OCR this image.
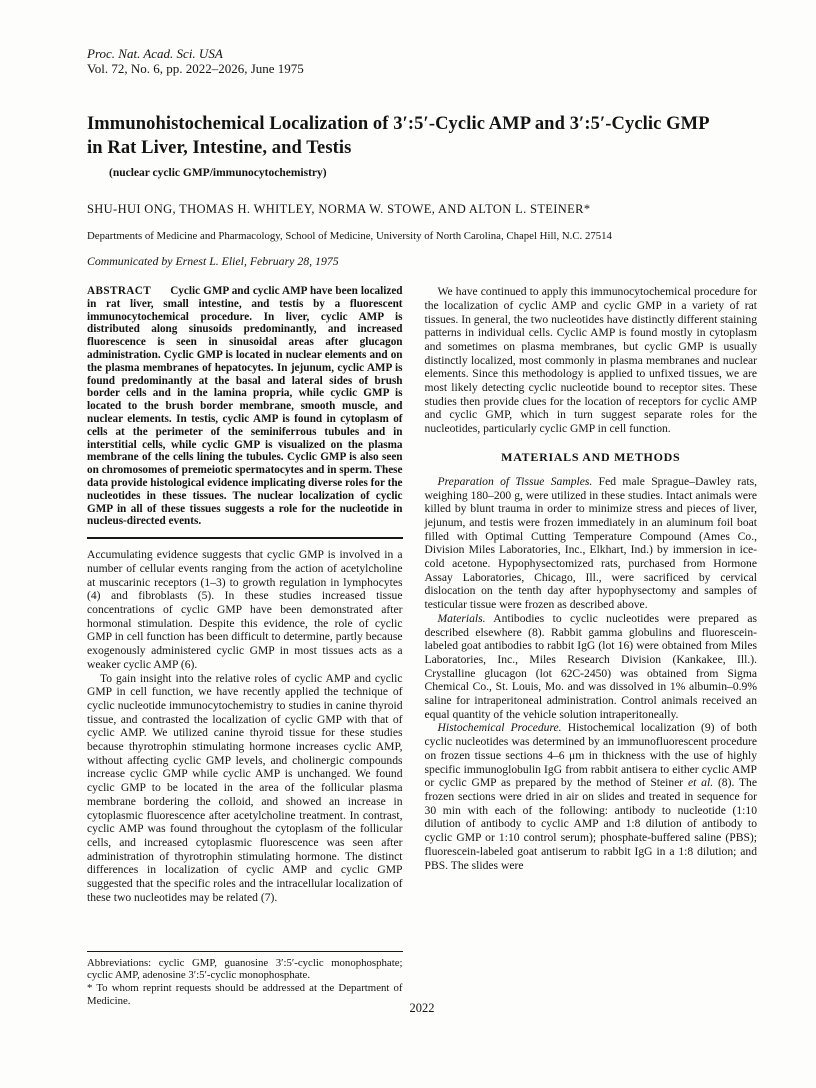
Proc. Nat. Acad. Sci. USA
Vol. 72, No. 6, pp. 2022–2026, June 1975
Immunohistochemical Localization of 3′:5′-Cyclic AMP and 3′:5′-Cyclic GMP
in Rat Liver, Intestine, and Testis
(nuclear cyclic GMP/immunocytochemistry)
SHU-HUI ONG, THOMAS H. WHITLEY, NORMA W. STOWE, AND ALTON L. STEINER*
Departments of Medicine and Pharmacology, School of Medicine, University of North Carolina, Chapel Hill, N.C. 27514
Communicated by Ernest L. Eliel, February 28, 1975

ABSTRACT Cyclic GMP and cyclic AMP have been localized in rat liver, small intestine, and testis by a fluorescent immunocytochemical procedure. In liver, cyclic AMP is distributed along sinusoids predominantly, and increased fluorescence is seen in sinusoidal areas after glucagon administration. Cyclic GMP is located in nuclear elements and on the plasma membranes of hepatocytes. In jejunum, cyclic AMP is found predominantly at the basal and lateral sides of brush border cells and in the lamina propria, while cyclic GMP is located to the brush border membrane, smooth muscle, and nuclear elements. In testis, cyclic AMP is found in cytoplasm of cells at the perimeter of the seminiferrous tubules and in interstitial cells, while cyclic GMP is visualized on the plasma membrane of the cells lining the tubules. Cyclic GMP is also seen on chromosomes of premeiotic spermatocytes and in sperm. These data provide histological evidence implicating diverse roles for the nucleotides in these tissues. The nuclear localization of cyclic GMP in all of these tissues suggests a role for the nucleotide in nucleus-directed events.

Accumulating evidence suggests that cyclic GMP is involved in a number of cellular events ranging from the action of acetylcholine at muscarinic receptors (1–3) to growth regulation in lymphocytes (4) and fibroblasts (5). In these studies increased tissue concentrations of cyclic GMP have been demonstrated after hormonal stimulation. Despite this evidence, the role of cyclic GMP in cell function has been difficult to determine, partly because exogenously administered cyclic GMP in most tissues acts as a weaker cyclic AMP (6).

To gain insight into the relative roles of cyclic AMP and cyclic GMP in cell function, we have recently applied the technique of cyclic nucleotide immunocytochemistry to studies in canine thyroid tissue, and contrasted the localization of cyclic GMP with that of cyclic AMP. We utilized canine thyroid tissue for these studies because thyrotrophin stimulating hormone increases cyclic AMP, without affecting cyclic GMP levels, and cholinergic compounds increase cyclic GMP while cyclic AMP is unchanged. We found cyclic GMP to be located in the area of the follicular plasma membrane bordering the colloid, and showed an increase in cytoplasmic fluorescence after acetylcholine treatment. In contrast, cyclic AMP was found throughout the cytoplasm of the follicular cells, and increased cytoplasmic fluorescence was seen after administration of thyrotrophin stimulating hormone. The distinct differences in localization of cyclic AMP and cyclic GMP suggested that the specific roles and the intracellular localization of these two nucleotides may be related (7).

Abbreviations: cyclic GMP, guanosine 3′:5′-cyclic monophosphate; cyclic AMP, adenosine 3′:5′-cyclic monophosphate.

* To whom reprint requests should be addressed at the Department of Medicine.

We have continued to apply this immunocytochemical procedure for the localization of cyclic AMP and cyclic GMP in a variety of rat tissues. In general, the two nucleotides have distinctly different staining patterns in individual cells. Cyclic AMP is found mostly in cytoplasm and sometimes on plasma membranes, but cyclic GMP is usually distinctly localized, most commonly in plasma membranes and nuclear elements. Since this methodology is applied to unfixed tissues, we are most likely detecting cyclic nucleotide bound to receptor sites. These studies then provide clues for the location of receptors for cyclic AMP and cyclic GMP, which in turn suggest separate roles for the nucleotides, particularly cyclic GMP in cell function.

MATERIALS AND METHODS

Preparation of Tissue Samples. Fed male Sprague–Dawley rats, weighing 180–200 g, were utilized in these studies. Intact animals were killed by blunt trauma in order to minimize stress and pieces of liver, jejunum, and testis were frozen immediately in an aluminum foil boat filled with Optimal Cutting Temperature Compound (Ames Co., Division Miles Laboratories, Inc., Elkhart, Ind.) by immersion in ice-cold acetone. Hypophysectomized rats, purchased from Hormone Assay Laboratories, Chicago, Ill., were sacrificed by cervical dislocation on the tenth day after hypophysectomy and samples of testicular tissue were frozen as described above.

Materials. Antibodies to cyclic nucleotides were prepared as described elsewhere (8). Rabbit gamma globulins and fluorescein-labeled goat antibodies to rabbit IgG (lot 16) were obtained from Miles Laboratories, Inc., Miles Research Division (Kankakee, Ill.). Crystalline glucagon (lot 62C-2450) was obtained from Sigma Chemical Co., St. Louis, Mo. and was dissolved in 1% albumin–0.9% saline for intraperitoneal administration. Control animals received an equal quantity of the vehicle solution intraperitoneally.

Histochemical Procedure. Histochemical localization (9) of both cyclic nucleotides was determined by an immunofluorescent procedure on frozen tissue sections 4–6 μm in thickness with the use of highly specific immunoglobulin IgG from rabbit antisera to either cyclic AMP or cyclic GMP as prepared by the method of Steiner et al. (8). The frozen sections were dried in air on slides and treated in sequence for 30 min with each of the following: antibody to nucleotide (1:10 dilution of antibody to cyclic AMP and 1:8 dilution of antibody to cyclic GMP or 1:10 control serum); phosphate-buffered saline (PBS); fluorescein-labeled goat antiserum to rabbit IgG in a 1:8 dilution; and PBS. The slides were

2022
